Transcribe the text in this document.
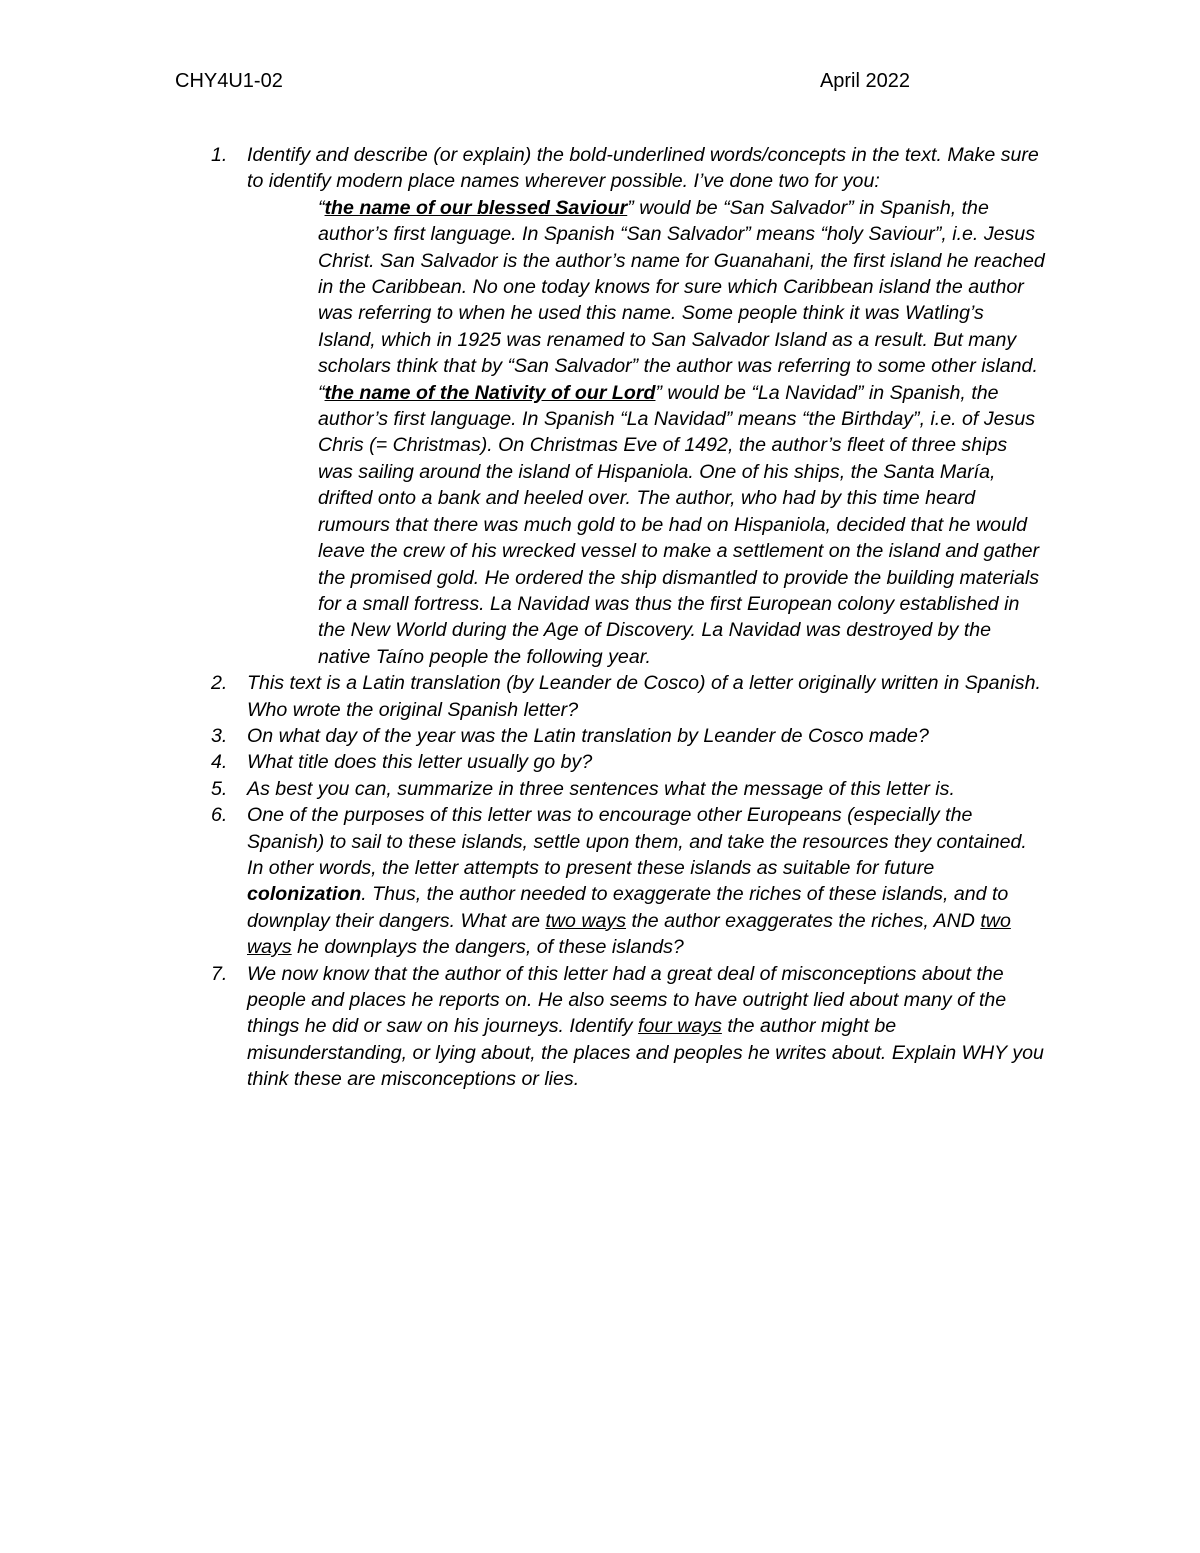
CHY4U1-02	April 2022
1.	Identify and describe (or explain) the bold-underlined words/concepts in the text. Make sure to identify modern place names wherever possible. I’ve done two for you:

“the name of our blessed Saviour” would be “San Salvador” in Spanish, the author’s first language. In Spanish “San Salvador” means “holy Saviour”, i.e. Jesus Christ. San Salvador is the author’s name for Guanahani, the first island he reached in the Caribbean. No one today knows for sure which Caribbean island the author was referring to when he used this name. Some people think it was Watling’s Island, which in 1925 was renamed to San Salvador Island as a result. But many scholars think that by “San Salvador” the author was referring to some other island.
“the name of the Nativity of our Lord” would be “La Navidad” in Spanish, the author’s first language. In Spanish “La Navidad” means “the Birthday”, i.e. of Jesus Chris (= Christmas). On Christmas Eve of 1492, the author’s fleet of three ships was sailing around the island of Hispaniola. One of his ships, the Santa María, drifted onto a bank and heeled over. The author, who had by this time heard rumours that there was much gold to be had on Hispaniola, decided that he would leave the crew of his wrecked vessel to make a settlement on the island and gather the promised gold. He ordered the ship dismantled to provide the building materials for a small fortress. La Navidad was thus the first European colony established in the New World during the Age of Discovery. La Navidad was destroyed by the native Taíno people the following year.
2.	This text is a Latin translation (by Leander de Cosco) of a letter originally written in Spanish. Who wrote the original Spanish letter?

3.	On what day of the year was the Latin translation by Leander de Cosco made?

4.	What title does this letter usually go by?

5.	As best you can, summarize in three sentences what the message of this letter is.

6.	One of the purposes of this letter was to encourage other Europeans (especially the Spanish) to sail to these islands, settle upon them, and take the resources they contained. In other words, the letter attempts to present these islands as suitable for future colonization. Thus, the author needed to exaggerate the riches of these islands, and to downplay their dangers. What are two ways the author exaggerates the riches, AND two ways he downplays the dangers, of these islands?

7.	We now know that the author of this letter had a great deal of misconceptions about the people and places he reports on. He also seems to have outright lied about many of the things he did or saw on his journeys. Identify four ways the author might be misunderstanding, or lying about, the places and peoples he writes about. Explain WHY you think these are misconceptions or lies.
